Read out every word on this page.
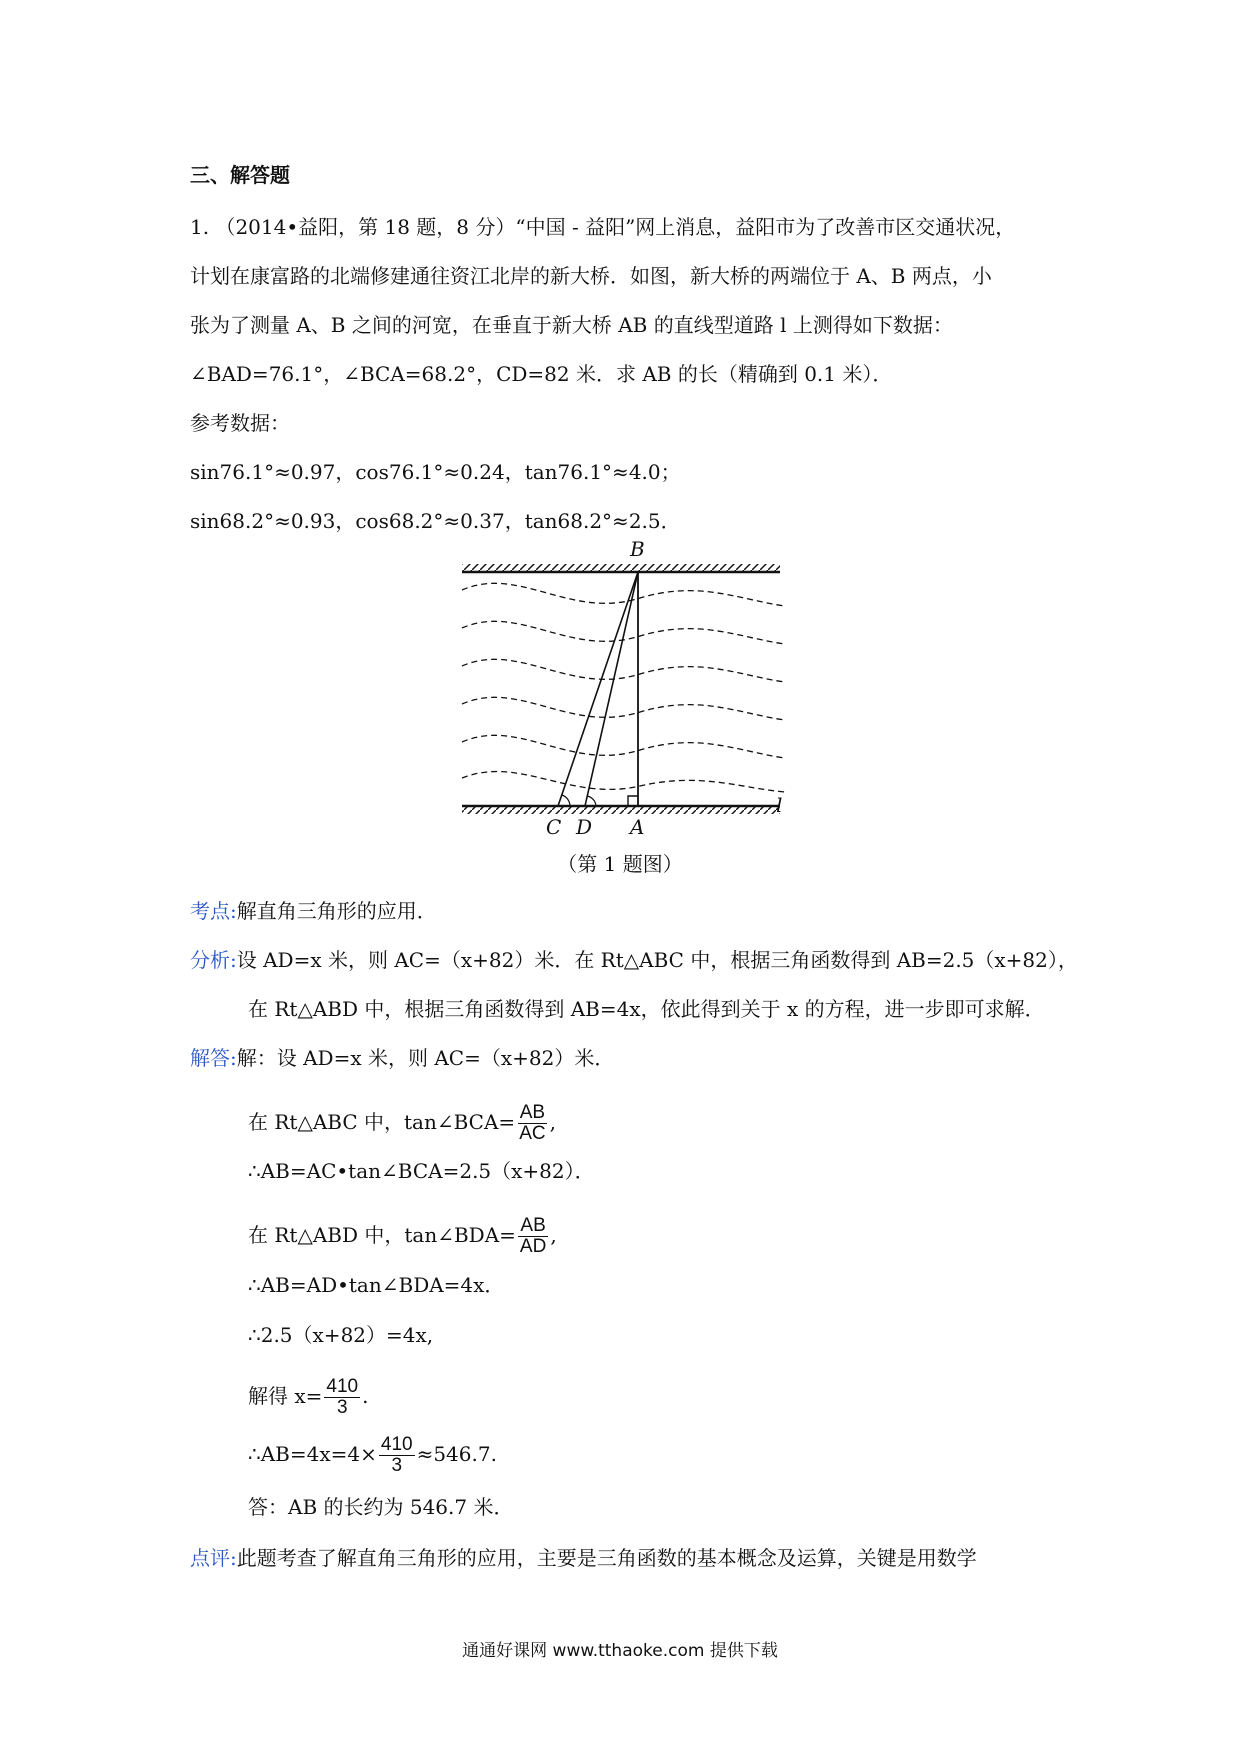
三、解答题
1. （2014•益阳，第 18 题，8 分）“中国 - 益阳”网上消息，益阳市为了改善市区交通状况，
计划在康富路的北端修建通往资江北岸的新大桥．如图，新大桥的两端位于 A、B 两点，小
张为了测量 A、B 之间的河宽，在垂直于新大桥 AB 的直线型道路 l 上测得如下数据：
∠BAD=76.1°，∠BCA=68.2°，CD=82 米．求 AB 的长（精确到 0.1 米）．
参考数据：
sin76.1°≈0.97，cos76.1°≈0.24，tan76.1°≈4.0；
sin68.2°≈0.93，cos68.2°≈0.37，tan68.2°≈2.5．
B
C D A
l
（第 1 题图）
考点:解直角三角形的应用．
分析:设 AD=x 米，则 AC=（x+82）米．在 Rt△ABC 中，根据三角函数得到 AB=2.5（x+82），
在 Rt△ABD 中，根据三角函数得到 AB=4x，依此得到关于 x 的方程，进一步即可求解．
解答:解：设 AD=x 米，则 AC=（x+82）米．
在 Rt△ABC 中，tan∠BCA= $\frac{AB}{AC}$ ,
∴AB=AC•tan∠BCA=2.5（x+82）．
在 Rt△ABD 中，tan∠BDA= $\frac{AB}{AD}$ ,
∴AB=AD•tan∠BDA=4x．
∴2.5（x+82）=4x,
解得 $x= \frac{410}{3}$ .
∴AB=4x=4× $\frac{410}{3} \approx 546.7$.
答：AB 的长约为 546.7 米．
点评:此题考查了解直角三角形的应用，主要是三角函数的基本概念及运算，关键是用数学
通通好课网 www.tthaoke.com 提供下载
